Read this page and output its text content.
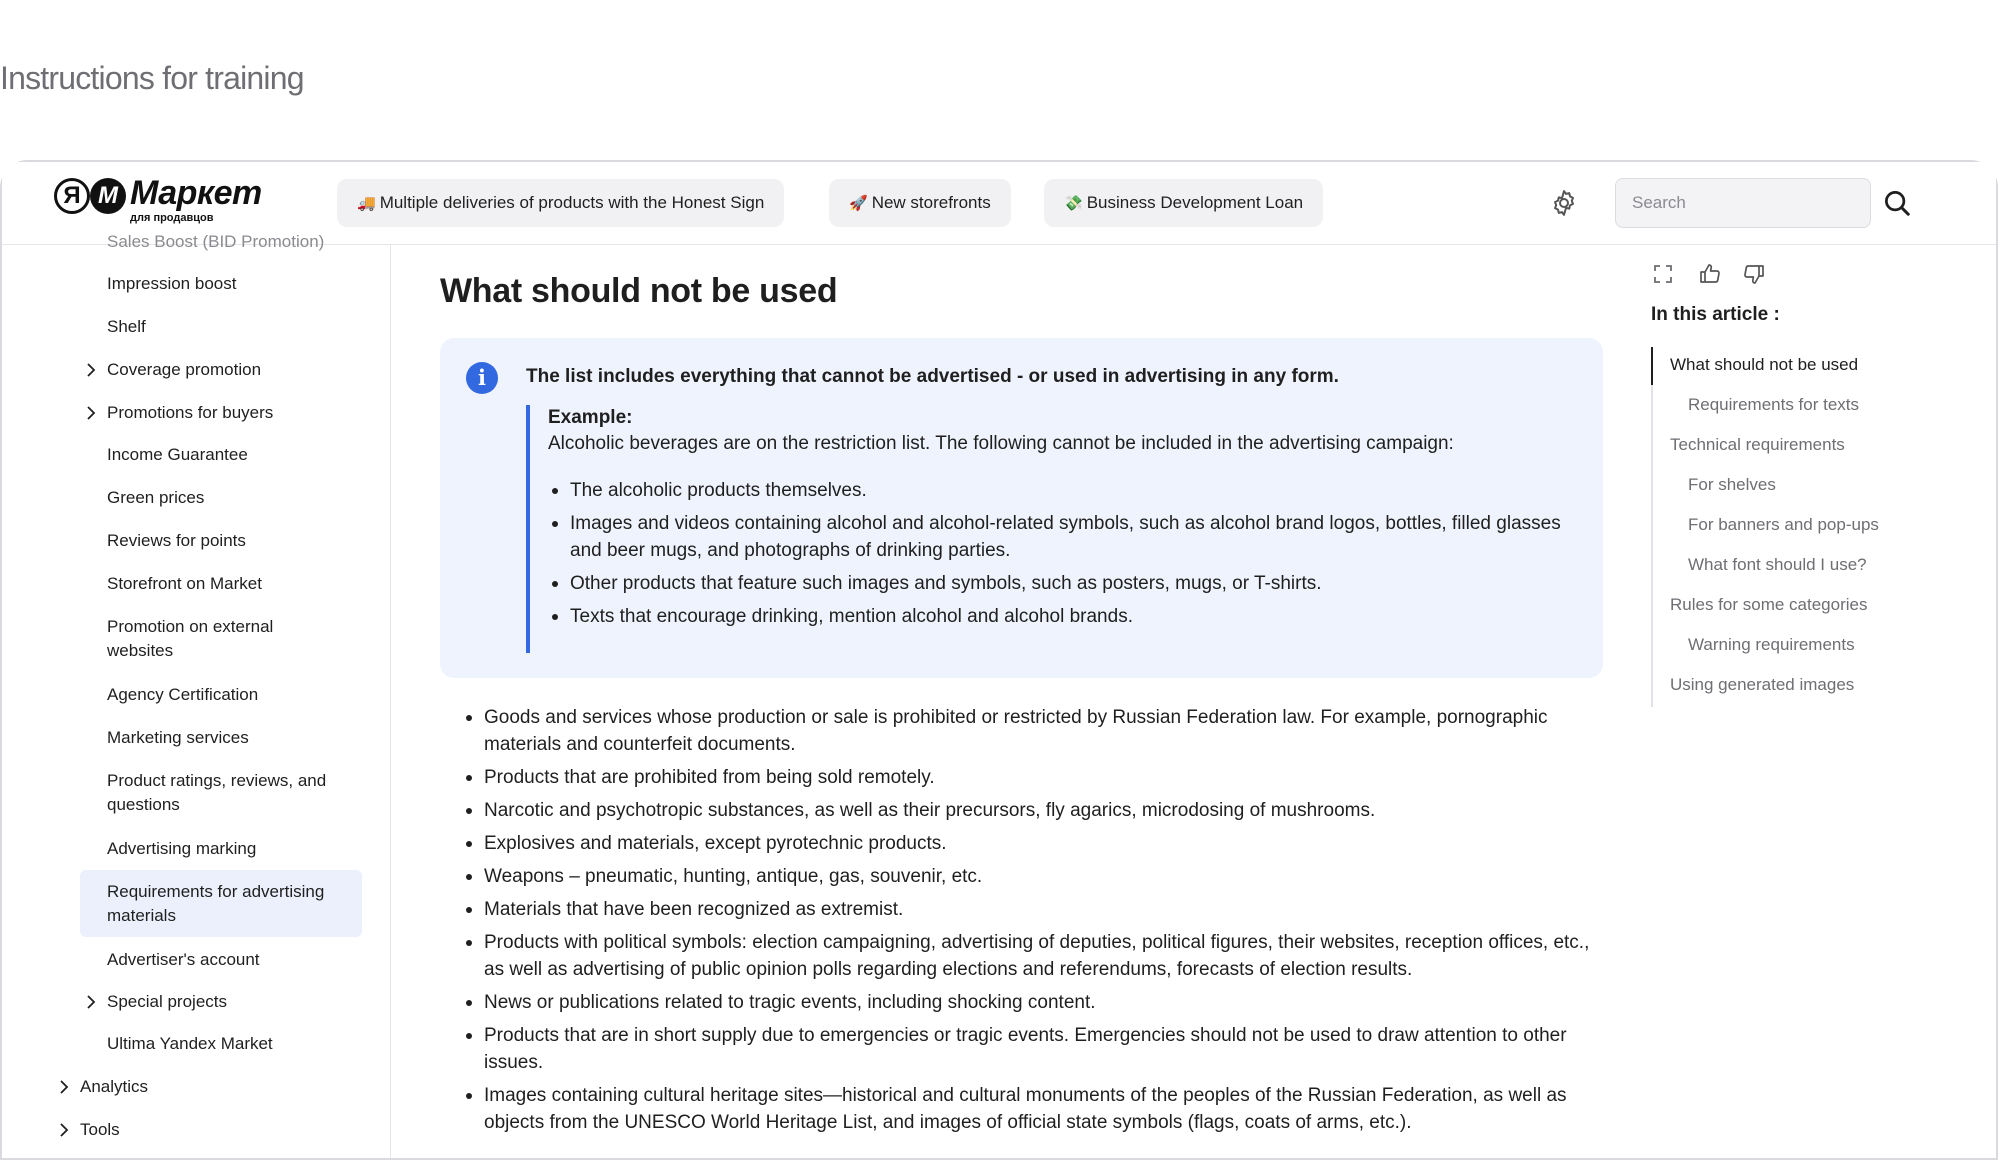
Instructions for training
Я M Маркет
для продавцов
🚚 Multiple deliveries of products with the Honest Sign	🚀 New storefronts	💸 Business Development Loan
Search
Sales Boost (BID Promotion)
Impression boost
Shelf
Coverage promotion
Promotions for buyers
Income Guarantee
Green prices
Reviews for points
Storefront on Market
Promotion on external
websites
Agency Certification
Marketing services
Product ratings, reviews, and
questions
Advertising marking
Requirements for advertising
materials
Advertiser's account
Special projects
Ultima Yandex Market
Analytics
Tools
What should not be used
i	The list includes everything that cannot be advertised - or used in advertising in any form.
Example:
Alcoholic beverages are on the restriction list. The following cannot be included in the advertising campaign:
The alcoholic products themselves.
Images and videos containing alcohol and alcohol-related symbols, such as alcohol brand logos, bottles, filled glasses and beer mugs, and photographs of drinking parties.
Other products that feature such images and symbols, such as posters, mugs, or T-shirts.
Texts that encourage drinking, mention alcohol and alcohol brands.
Goods and services whose production or sale is prohibited or restricted by Russian Federation law. For example, pornographic materials and counterfeit documents.
Products that are prohibited from being sold remotely.
Narcotic and psychotropic substances, as well as their precursors, fly agarics, microdosing of mushrooms.
Explosives and materials, except pyrotechnic products.
Weapons – pneumatic, hunting, antique, gas, souvenir, etc.
Materials that have been recognized as extremist.
Products with political symbols: election campaigning, advertising of deputies, political figures, their websites, reception offices, etc., as well as advertising of public opinion polls regarding elections and referendums, forecasts of election results.
News or publications related to tragic events, including shocking content.
Products that are in short supply due to emergencies or tragic events. Emergencies should not be used to draw attention to other issues.
Images containing cultural heritage sites—historical and cultural monuments of the peoples of the Russian Federation, as well as objects from the UNESCO World Heritage List, and images of official state symbols (flags, coats of arms, etc.).
In this article :
What should not be used
Requirements for texts
Technical requirements
For shelves
For banners and pop-ups
What font should I use?
Rules for some categories
Warning requirements
Using generated images
